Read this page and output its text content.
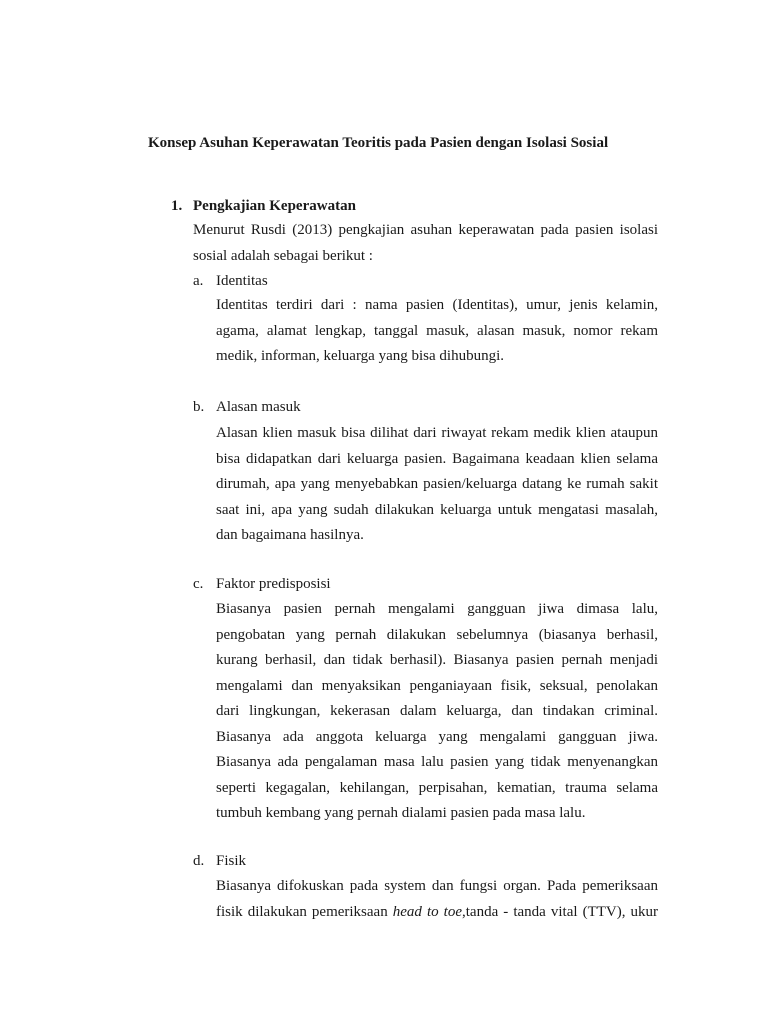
Konsep Asuhan Keperawatan Teoritis pada Pasien dengan Isolasi Sosial
1. Pengkajian Keperawatan
Menurut Rusdi (2013) pengkajian asuhan keperawatan pada pasien isolasi
sosial adalah sebagai berikut :
a. Identitas
Identitas terdiri dari : nama pasien (Identitas), umur, jenis kelamin,
agama, alamat lengkap, tanggal masuk, alasan masuk, nomor rekam
medik, informan, keluarga yang bisa dihubungi.
b. Alasan masuk
Alasan klien masuk bisa dilihat dari riwayat rekam medik klien ataupun
bisa didapatkan dari keluarga pasien. Bagaimana keadaan klien selama
dirumah, apa yang menyebabkan pasien/keluarga datang ke rumah sakit
saat ini, apa yang sudah dilakukan keluarga untuk mengatasi masalah,
dan bagaimana hasilnya.
c. Faktor predisposisi
Biasanya pasien pernah mengalami gangguan jiwa dimasa lalu,
pengobatan yang pernah dilakukan sebelumnya (biasanya berhasil,
kurang berhasil, dan tidak berhasil). Biasanya pasien pernah menjadi
mengalami dan menyaksikan penganiayaan fisik, seksual, penolakan
dari lingkungan, kekerasan dalam keluarga, dan tindakan criminal.
Biasanya ada anggota keluarga yang mengalami gangguan jiwa.
Biasanya ada pengalaman masa lalu pasien yang tidak menyenangkan
seperti kegagalan, kehilangan, perpisahan, kematian, trauma selama
tumbuh kembang yang pernah dialami pasien pada masa lalu.
d. Fisik
Biasanya difokuskan pada system dan fungsi organ. Pada pemeriksaan
fisik dilakukan pemeriksaan head to toe,tanda - tanda vital (TTV), ukur
